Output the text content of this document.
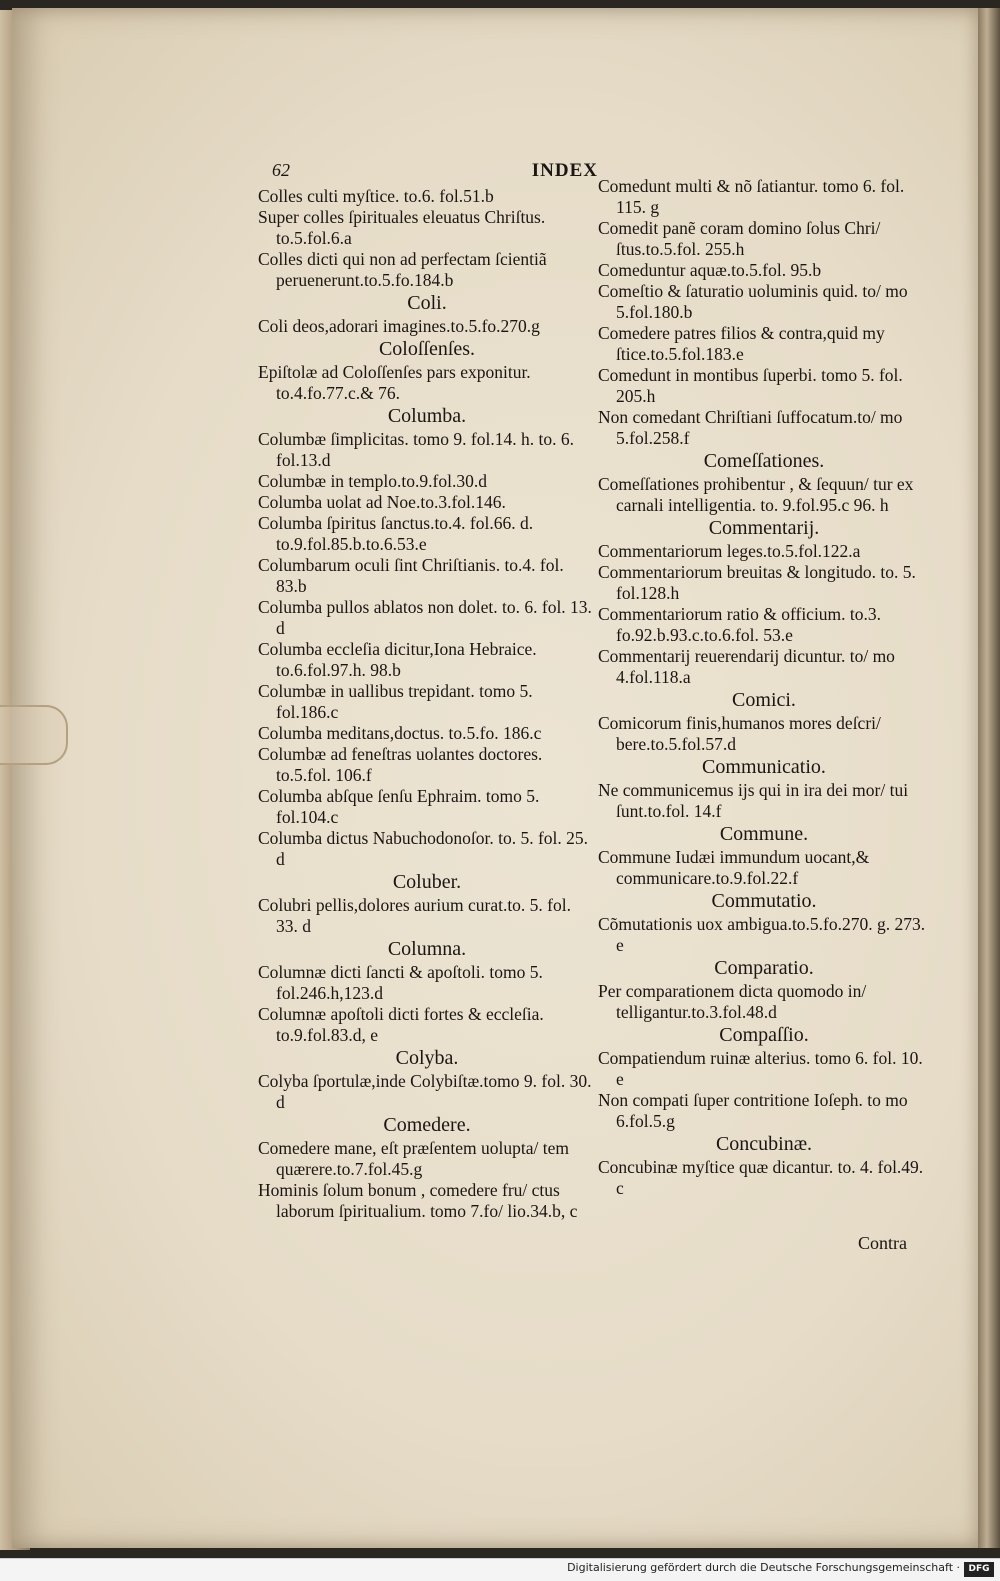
62	INDEX
Colles culti myſtice. to.6. fol.51.b
Super colles ſpirituales eleuatus Chriſtus. to.5.fol.6.a
Colles dicti qui non ad perfectam ſcientiã peruenerunt.to.5.fo.184.b
Coli.
Coli deos,adorari imagines.to.5.fo.270.g
Coloſſenſes.
Epiſtolæ ad Coloſſenſes pars exponitur. to.4.fo.77.c.& 76.
Columba.
Columbæ ſimplicitas. tomo 9. fol.14. h. to. 6. fol.13.d
Columbæ in templo.to.9.fol.30.d
Columba uolat ad Noe.to.3.fol.146.
Columba ſpiritus ſanctus.to.4. fol.66. d. to.9.fol.85.b.to.6.53.e
Columbarum oculi ſint Chriſtianis. to.4. fol. 83.b
Columba pullos ablatos non dolet. to. 6. fol. 13. d
Columba eccleſia dicitur,Iona Hebraice. to.6.fol.97.h. 98.b
Columbæ in uallibus trepidant. tomo 5. fol.186.c
Columba meditans,doctus. to.5.fo. 186.c
Columbæ ad feneſtras uolantes doctores. to.5.fol. 106.f
Columba abſque ſenſu Ephraim. tomo 5. fol.104.c
Columba dictus Nabuchodonoſor. to. 5. fol. 25. d
Coluber.
Colubri pellis,dolores aurium curat.to. 5. fol. 33. d
Columna.
Columnæ dicti ſancti & apoſtoli. tomo 5. fol.246.h,123.d
Columnæ apoſtoli dicti fortes & eccleſia. to.9.fol.83.d, e
Colyba.
Colyba ſportulæ,inde Colybiſtæ.tomo 9. fol. 30. d
Comedere.
Comedere mane, eſt præſentem uolupta/ tem quærere.to.7.fol.45.g
Hominis ſolum bonum , comedere fru/ ctus laborum ſpiritualium. tomo 7.fo/ lio.34.b, c
Comedunt multi & nõ ſatiantur. tomo 6. fol. 115. g
Comedit panẽ coram domino ſolus Chri/ ſtus.to.5.fol. 255.h
Comeduntur aquæ.to.5.fol. 95.b
Comeſtio & ſaturatio uoluminis quid. to/ mo 5.fol.180.b
Comedere patres filios & contra,quid my ſtice.to.5.fol.183.e
Comedunt in montibus ſuperbi. tomo 5. fol. 205.h
Non comedant Chriſtiani ſuffocatum.to/ mo 5.fol.258.f
Comeſſationes.
Comeſſationes prohibentur , & ſequun/ tur ex carnali intelligentia. to. 9.fol.95.c 96. h
Commentarij.
Commentariorum leges.to.5.fol.122.a
Commentariorum breuitas & longitudo. to. 5. fol.128.h
Commentariorum ratio & officium. to.3. fo.92.b.93.c.to.6.fol. 53.e
Commentarij reuerendarij dicuntur. to/ mo 4.fol.118.a
Comici.
Comicorum finis,humanos mores deſcri/ bere.to.5.fol.57.d
Communicatio.
Ne communicemus ijs qui in ira dei mor/ tui ſunt.to.fol. 14.f
Commune.
Commune Iudæi immundum uocant,& communicare.to.9.fol.22.f
Commutatio.
Cõmutationis uox ambigua.to.5.fo.270. g. 273. e
Comparatio.
Per comparationem dicta quomodo in/ telligantur.to.3.fol.48.d
Compaſſio.
Compatiendum ruinæ alterius. tomo 6. fol. 10. e
Non compati ſuper contritione Ioſeph. to mo 6.fol.5.g
Concubinæ.
Concubinæ myſtice quæ dicantur. to. 4. fol.49. c
Contra
Digitalisierung gefördert durch die Deutsche Forschungsgemeinschaft · DFG
